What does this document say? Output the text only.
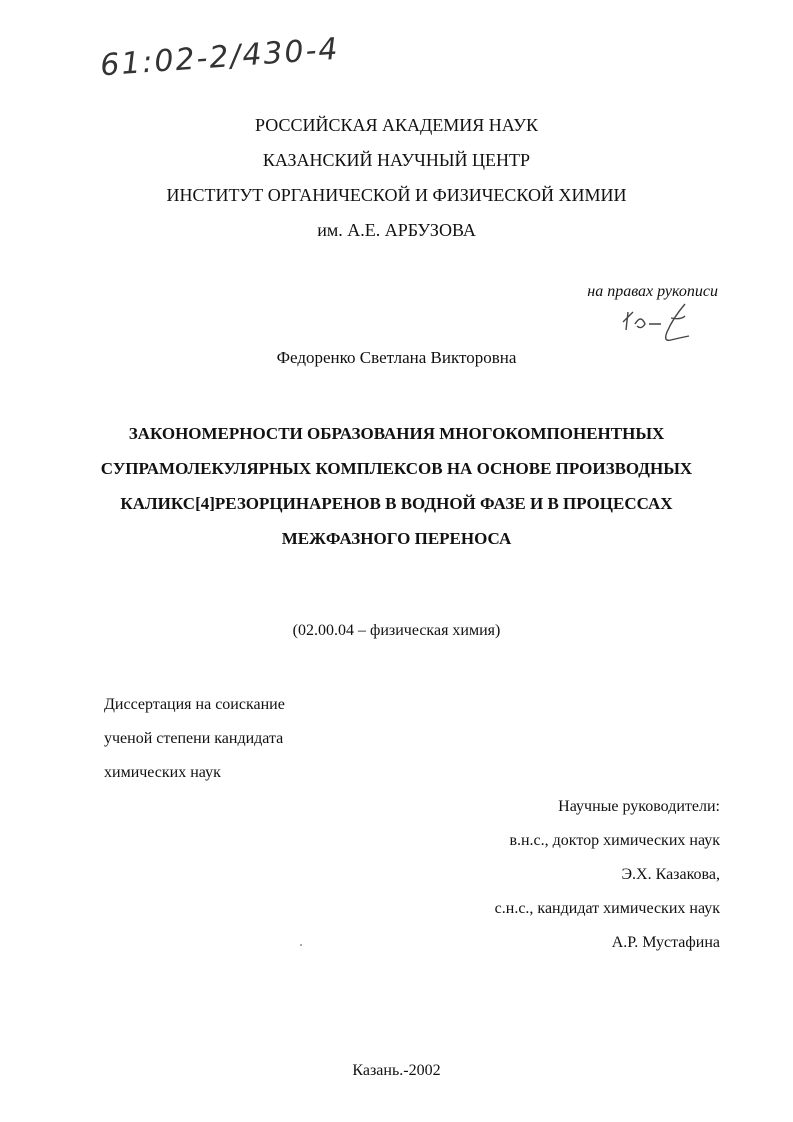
61:02-2/430-4
РОССИЙСКАЯ АКАДЕМИЯ НАУК
КАЗАНСКИЙ НАУЧНЫЙ ЦЕНТР
ИНСТИТУТ ОРГАНИЧЕСКОЙ И ФИЗИЧЕСКОЙ ХИМИИ
им. А.Е. АРБУЗОВА
на правах рукописи
Федоренко Светлана Викторовна
ЗАКОНОМЕРНОСТИ ОБРАЗОВАНИЯ МНОГОКОМПОНЕНТНЫХ
СУПРАМОЛЕКУЛЯРНЫХ КОМПЛЕКСОВ НА ОСНОВЕ ПРОИЗВОДНЫХ
КАЛИКС[4]РЕЗОРЦИНАРЕНОВ В ВОДНОЙ ФАЗЕ И В ПРОЦЕССАХ
МЕЖФАЗНОГО ПЕРЕНОСА
(02.00.04 – физическая химия)
Диссертация на соискание
ученой степени кандидата
химических наук
Научные руководители:
в.н.с., доктор химических наук
Э.Х. Казакова,
с.н.с., кандидат химических наук
А.Р. Мустафина
Казань.-2002
